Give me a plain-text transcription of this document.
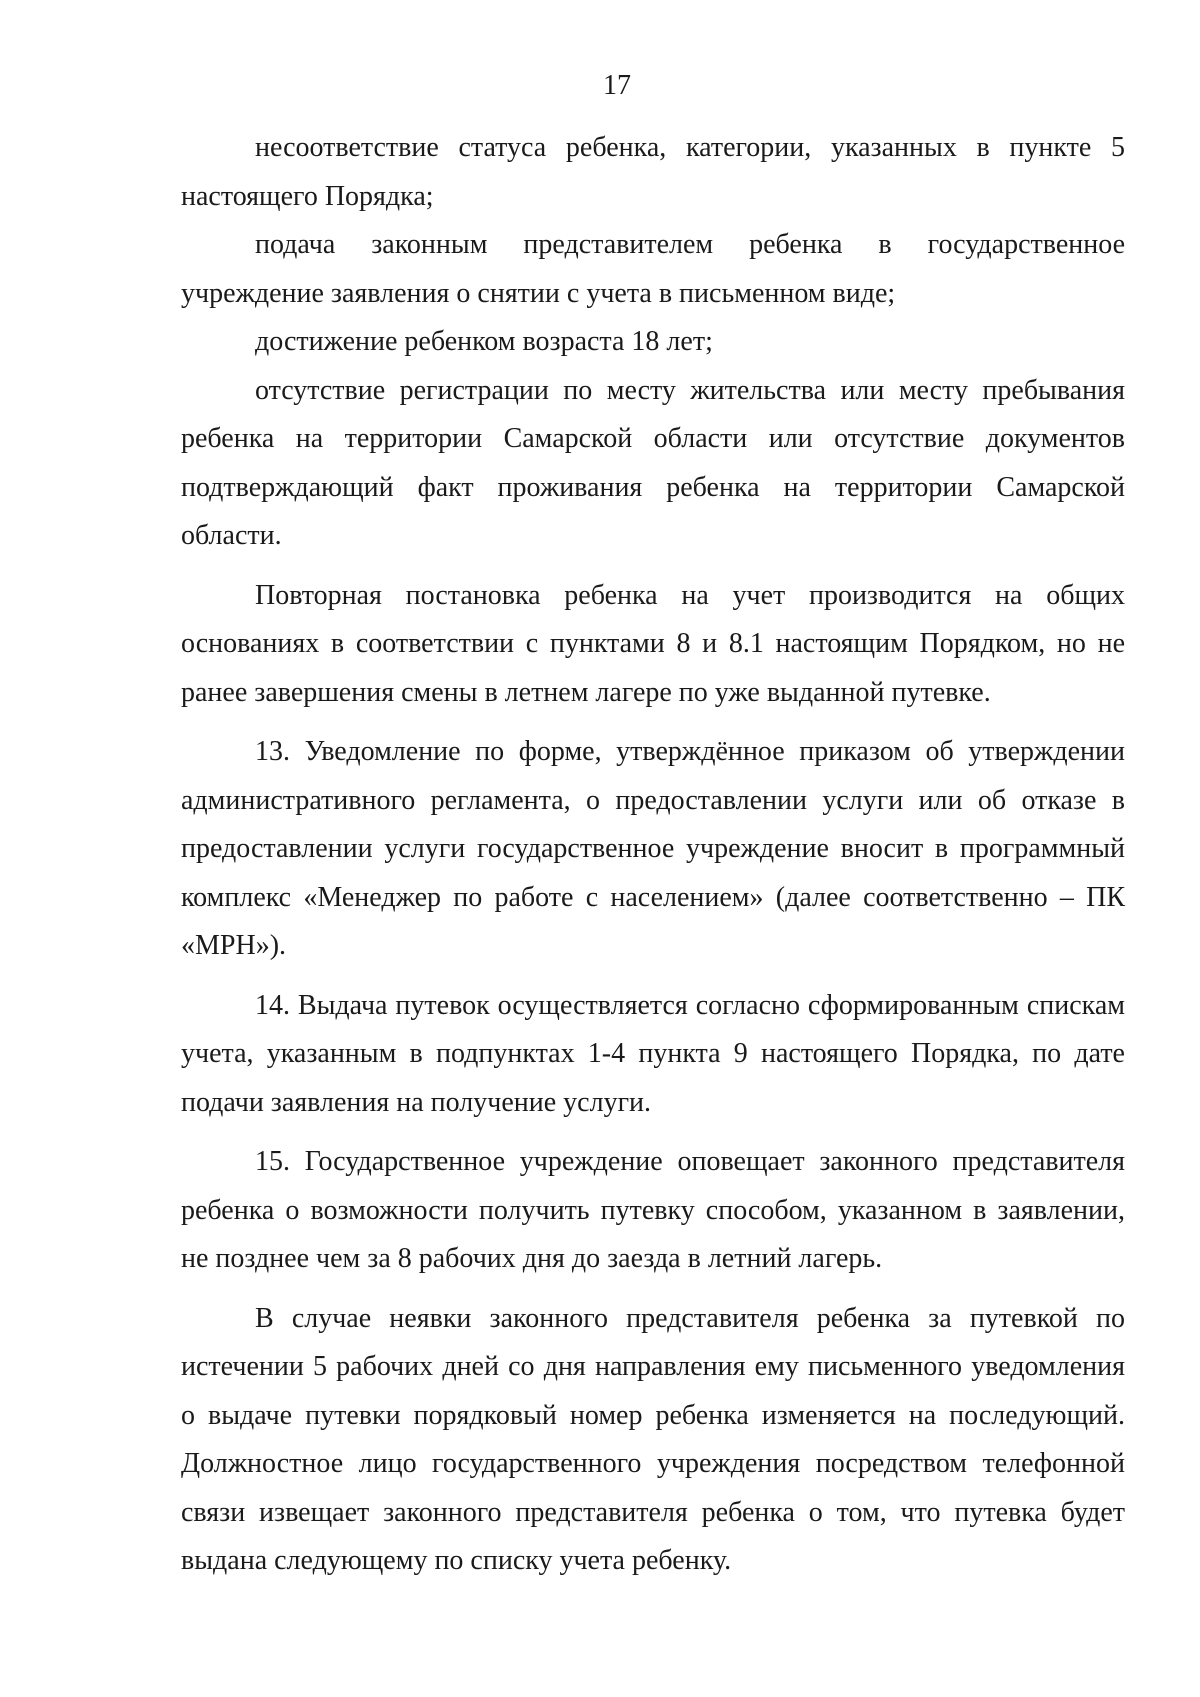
17

несоответствие статуса ребенка, категории, указанных в пункте 5 настоящего Порядка;

подача законным представителем ребенка в государственное учреждение заявления о снятии с учета в письменном виде;

достижение ребенком возраста 18 лет;

отсутствие регистрации по месту жительства или месту пребывания ребенка на территории Самарской области или отсутствие документов подтверждающий факт проживания ребенка на территории Самарской области.

Повторная постановка ребенка на учет производится на общих основаниях в соответствии с пунктами 8 и 8.1 настоящим Порядком, но не ранее завершения смены в летнем лагере по уже выданной путевке.

13. Уведомление по форме, утверждённое приказом об утверждении административного регламента, о предоставлении услуги или об отказе в предоставлении услуги государственное учреждение вносит в программный комплекс «Менеджер по работе с населением» (далее соответственно – ПК «МРН»).

14. Выдача путевок осуществляется согласно сформированным спискам учета, указанным в подпунктах 1-4 пункта 9 настоящего Порядка, по дате подачи заявления на получение услуги.

15. Государственное учреждение оповещает законного представителя ребенка о возможности получить путевку способом, указанном в заявлении, не позднее чем за 8 рабочих дня до заезда в летний лагерь.

В случае неявки законного представителя ребенка за путевкой по истечении 5 рабочих дней со дня направления ему письменного уведомления о выдаче путевки порядковый номер ребенка изменяется на последующий. Должностное лицо государственного учреждения посредством телефонной связи извещает законного представителя ребенка о том, что путевка будет выдана следующему по списку учета ребенку.
